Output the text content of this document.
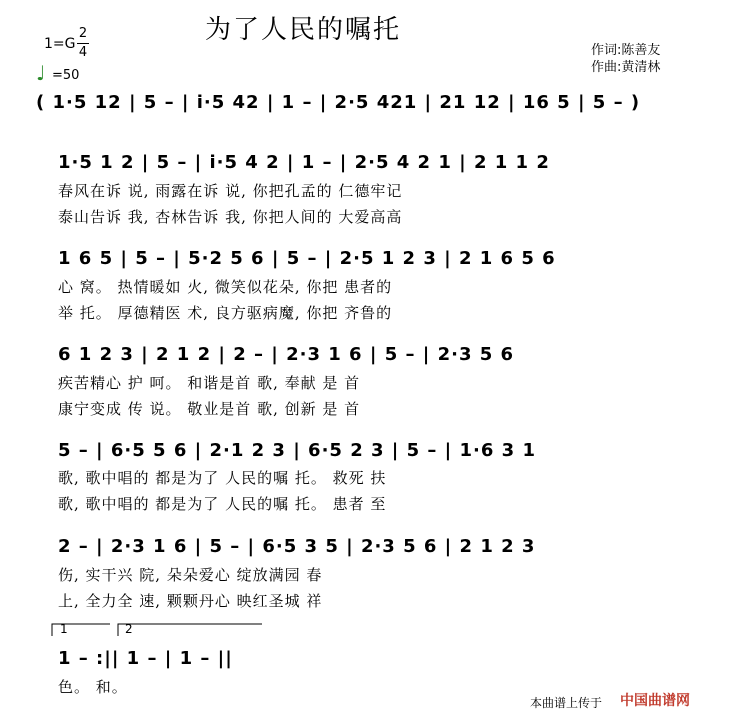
为了人民的嘱托
1=G
2
4
♩ =50
作词:陈善友
作曲:黄清林
( 1·5 12 | 5 – | i·5 42 | 1 – | 2·5 421 | 21 12 | 16 5 | 5 – )
1·5 1 2 | 5 – | i·5 4 2 | 1 – | 2·5 4 2 1 | 2 1 1 2
春风在诉 说, 雨露在诉 说, 你把孔孟的 仁德牢记
泰山告诉 我, 杏林告诉 我, 你把人间的 大爱高高
1 6 5 | 5 – | 5·2 5 6 | 5 – | 2·5 1 2 3 | 2 1 6 5 6
心 窝。 热情暖如 火, 微笑似花朵, 你把 患者的
举 托。 厚德精医 术, 良方驱病魔, 你把 齐鲁的
6 1 2 3 | 2 1 2 | 2 – | 2·3 1 6 | 5 – | 2·3 5 6
疾苦精心 护 呵。 和谐是首 歌, 奉献 是 首
康宁变成 传 说。 敬业是首 歌, 创新 是 首
5 – | 6·5 5 6 | 2·1 2 3 | 6·5 2 3 | 5 – | 1·6 3 1
歌, 歌中唱的 都是为了 人民的嘱 托。 救死 扶
歌, 歌中唱的 都是为了 人民的嘱 托。 患者 至
2 – | 2·3 1 6 | 5 – | 6·5 3 5 | 2·3 5 6 | 2 1 2 3
伤, 实干兴 院, 朵朵爱心 绽放满园 春
上, 全力全 速, 颗颗丹心 映红圣城 祥
1	2
1 – :|| 1 – | 1 – ||
色。 和。
本曲谱上传于 中国曲谱网
